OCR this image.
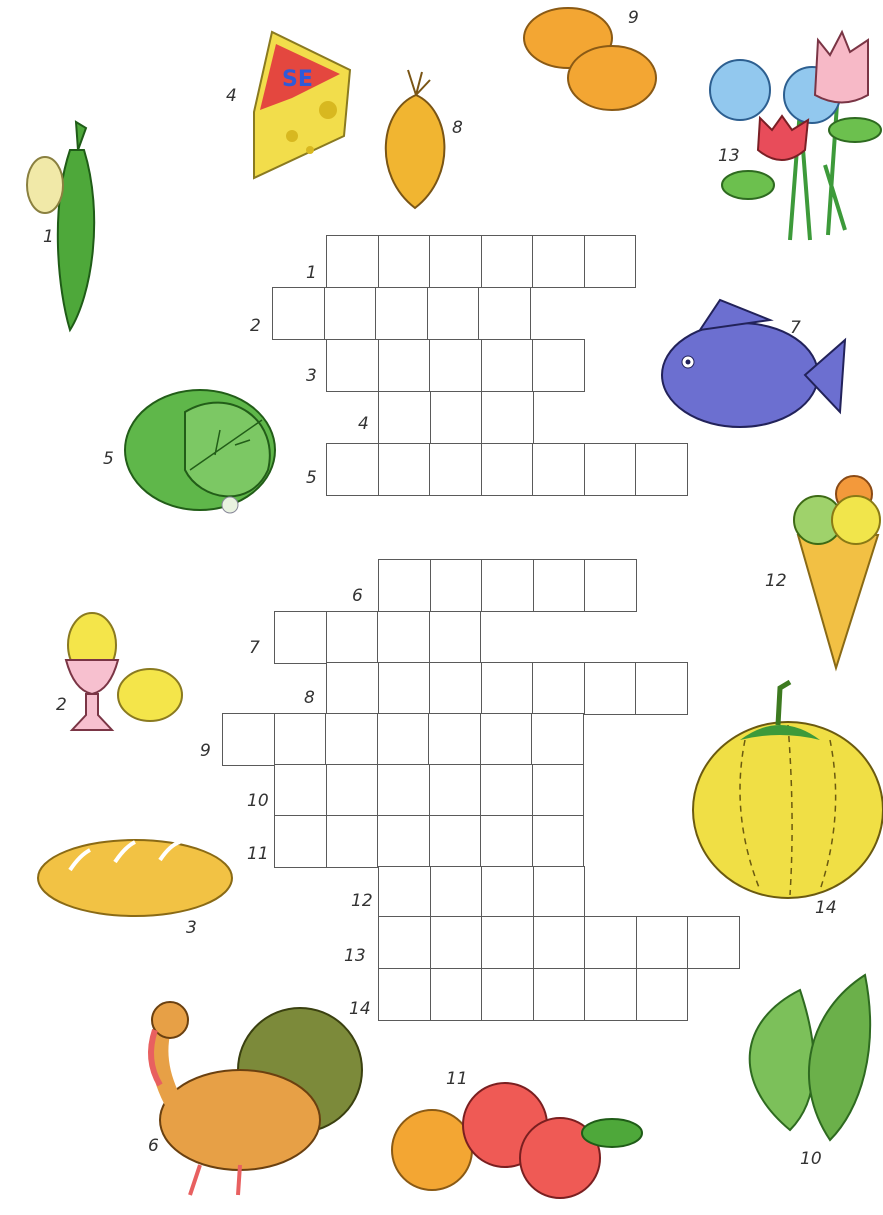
SE
1
2
3
4
5
6
7
8
9
10
11
12
13
14
1
2
3
4
5
6
7
8
9
10
11
12
13
14
